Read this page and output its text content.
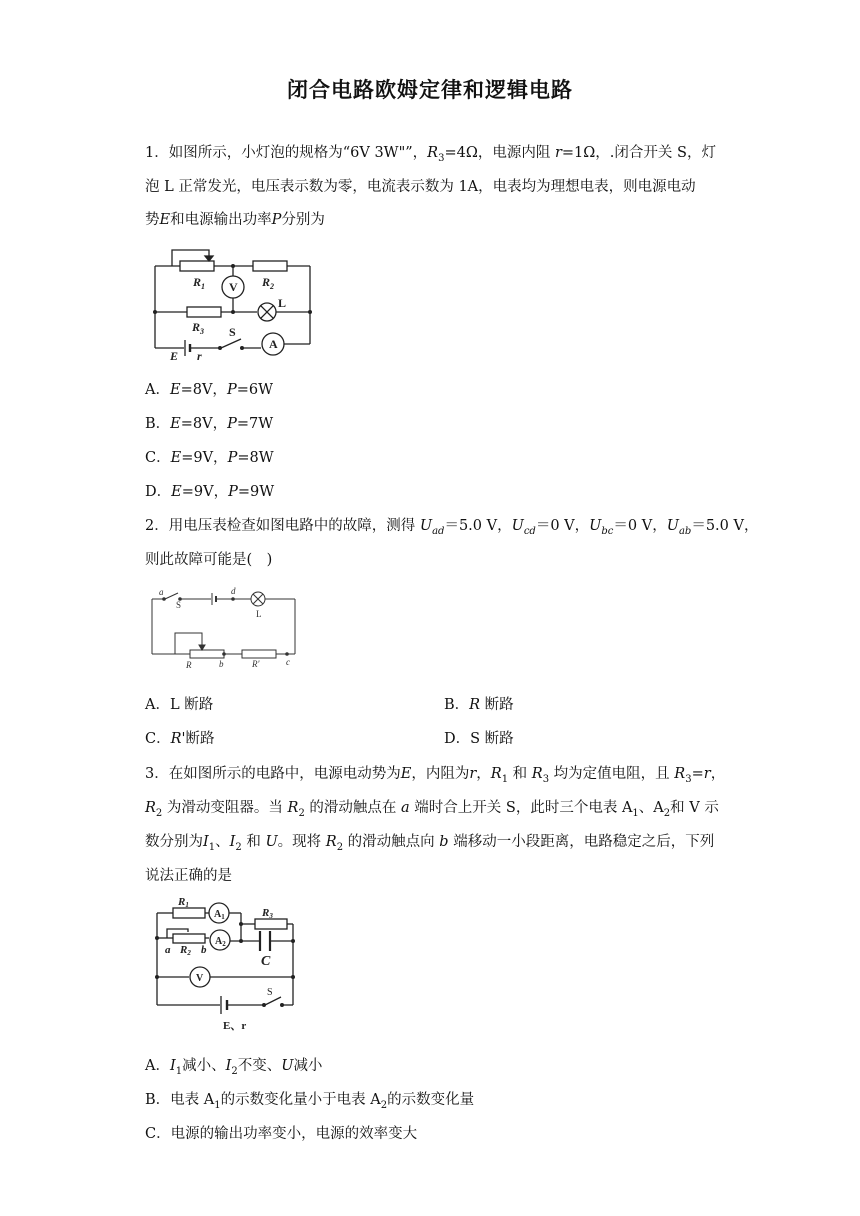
闭合电路欧姆定律和逻辑电路
1．如图所示，小灯泡的规格为“6V 3W"”，$R_3=4\Omega$，电源内阻 r=1Ω，.闭合开关 S，灯
泡 L 正常发光，电压表示数为零，电流表示数为 1A，电表均为理想电表，则电源电动
势E和电源输出功率P分别为
$R_1$	$R_2$
$R_3$
E r
V
L
S
A
A．E=8V，P=6W
B．E=8V，P=7W
C．E=9V，P=8W
D．E=9V，P=9W
2．用电压表检查如图电路中的故障，测得 $U_{ad}=5.0$ V，$U_{cd}=0$ V，$U_{bc}=0$ V，$U_{ab}=5.0$ V，
则此故障可能是(　)
a	d
R	b	R'	c
S
L
A．L 断路	B．R 断路
C．R'断路	D．S 断路
3．在如图所示的电路中，电源电动势为E，内阻为r，$R_1$ 和 $R_3$ 均为定值电阻，且 $R_3=r$，
$R_2$ 为滑动变阻器。当 $R_2$ 的滑动触点在 a 端时合上开关 S，此时三个电表 $A_1$、$A_2$和 V 示
数分别为$I_1$、$I_2$ 和 U。现将 $R_2$ 的滑动触点向 b 端移动一小段距离，电路稳定之后，下列
说法正确的是
R1
R3
a R2 b
C
E、r
$A_1$
$A_2$
V
S
A．$I_1$减小、$I_2$不变、U减小
B．电表 $A_1$的示数变化量小于电表 $A_2$的示数变化量
C．电源的输出功率变小，电源的效率变大
